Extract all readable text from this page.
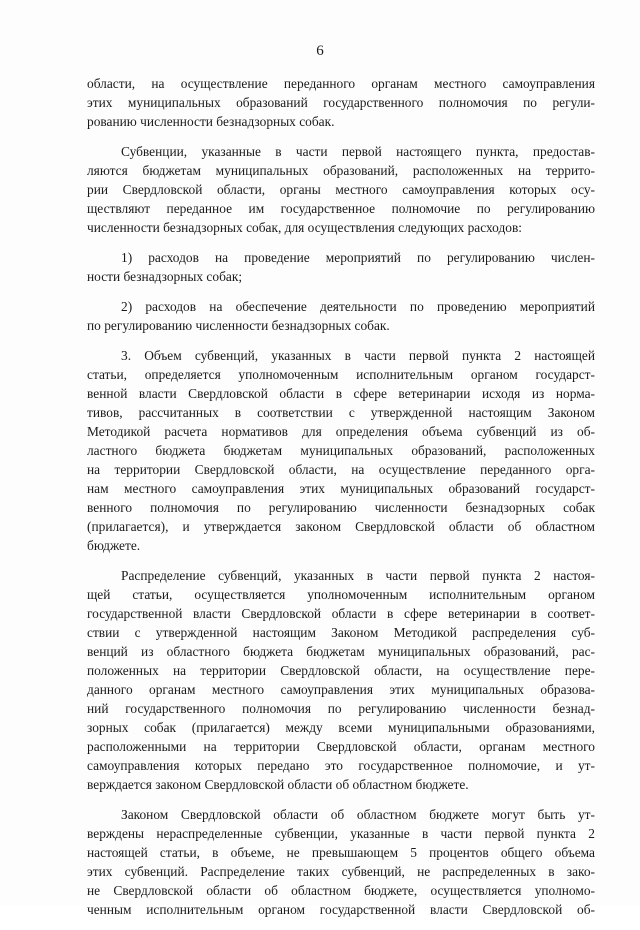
6
области, на осуществление переданного органам местного самоуправления
этих муниципальных образований государственного полномочия по регули-
рованию численности безнадзорных собак.
Субвенции, указанные в части первой настоящего пункта, предостав-
ляются бюджетам муниципальных образований, расположенных на террито-
рии Свердловской области, органы местного самоуправления которых осу-
ществляют переданное им государственное полномочие по регулированию
численности безнадзорных собак, для осуществления следующих расходов:
1) расходов на проведение мероприятий по регулированию числен-
ности безнадзорных собак;
2) расходов на обеспечение деятельности по проведению мероприятий
по регулированию численности безнадзорных собак.
3. Объем субвенций, указанных в части первой пункта 2 настоящей
статьи, определяется уполномоченным исполнительным органом государст-
венной власти Свердловской области в сфере ветеринарии исходя из норма-
тивов, рассчитанных в соответствии с утвержденной настоящим Законом
Методикой расчета нормативов для определения объема субвенций из об-
ластного бюджета бюджетам муниципальных образований, расположенных
на территории Свердловской области, на осуществление переданного орга-
нам местного самоуправления этих муниципальных образований государст-
венного полномочия по регулированию численности безнадзорных собак
(прилагается), и утверждается законом Свердловской области об областном
бюджете.
Распределение субвенций, указанных в части первой пункта 2 настоя-
щей статьи, осуществляется уполномоченным исполнительным органом
государственной власти Свердловской области в сфере ветеринарии в соответ-
ствии с утвержденной настоящим Законом Методикой распределения суб-
венций из областного бюджета бюджетам муниципальных образований, рас-
положенных на территории Свердловской области, на осуществление пере-
данного органам местного самоуправления этих муниципальных образова-
ний государственного полномочия по регулированию численности безнад-
зорных собак (прилагается) между всеми муниципальными образованиями,
расположенными на территории Свердловской области, органам местного
самоуправления которых передано это государственное полномочие, и ут-
верждается законом Свердловской области об областном бюджете.
Законом Свердловской области об областном бюджете могут быть ут-
верждены нераспределенные субвенции, указанные в части первой пункта 2
настоящей статьи, в объеме, не превышающем 5 процентов общего объема
этих субвенций. Распределение таких субвенций, не распределенных в зако-
не Свердловской области об областном бюджете, осуществляется уполномо-
ченным исполнительным органом государственной власти Свердловской об-
